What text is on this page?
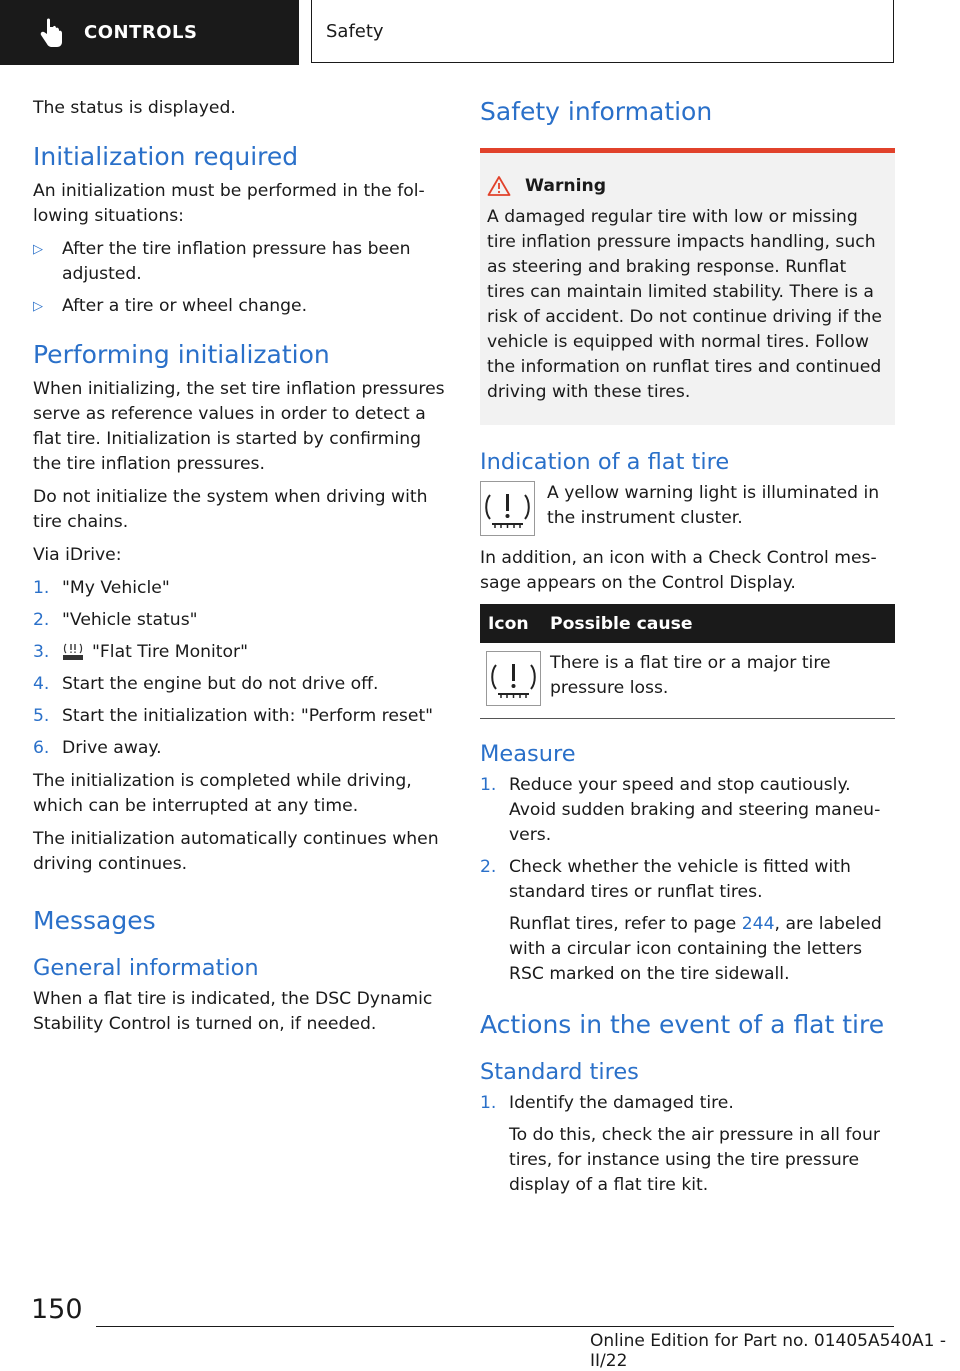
CONTROLS	Safety

The status is displayed.

Initialization required

An initialization must be performed in the fol‐ lowing situations:

▷ After the tire inflation pressure has been adjusted.
▷ After a tire or wheel change.
Performing initialization

When initializing, the set tire inflation pressures serve as reference values in order to detect a flat tire. Initialization is started by confirming the tire inflation pressures.

Do not initialize the system when driving with tire chains.

Via iDrive:

1. "My Vehicle"
2. "Vehicle status"
3. "Flat Tire Monitor"
4. Start the engine but do not drive off.
5. Start the initialization with: "Perform reset"
6. Drive away.

The initialization is completed while driving, which can be interrupted at any time.

The initialization automatically continues when driving continues.

Messages
General information

When a flat tire is indicated, the DSC Dynamic Stability Control is turned on, if needed.

Safety information
Warning

A damaged regular tire with low or missing tire inflation pressure impacts handling, such as steering and braking response. Runflat tires can maintain limited stability. There is a risk of accident. Do not continue driving if the vehicle is equipped with normal tires. Follow the information on runflat tires and continued driving with these tires.

Indication of a flat tire

A yellow warning light is illuminated in the instrument cluster.

In addition, an icon with a Check Control mes‐ sage appears on the Control Display.

Icon	Possible cause

	There is a flat tire or a major tire pressure loss.
Measure
1. Reduce your speed and stop cautiously. Avoid sudden braking and steering maneu‐ vers.
2. Check whether the vehicle is fitted with standard tires or runflat tires.
Runflat tires, refer to page 244, are labeled with a circular icon containing the letters RSC marked on the tire sidewall.
Actions in the event of a flat tire
Standard tires
1. Identify the damaged tire.
To do this, check the air pressure in all four tires, for instance using the tire pressure display of a flat tire kit.
150
Online Edition for Part no. 01405A540A1 - II/22
